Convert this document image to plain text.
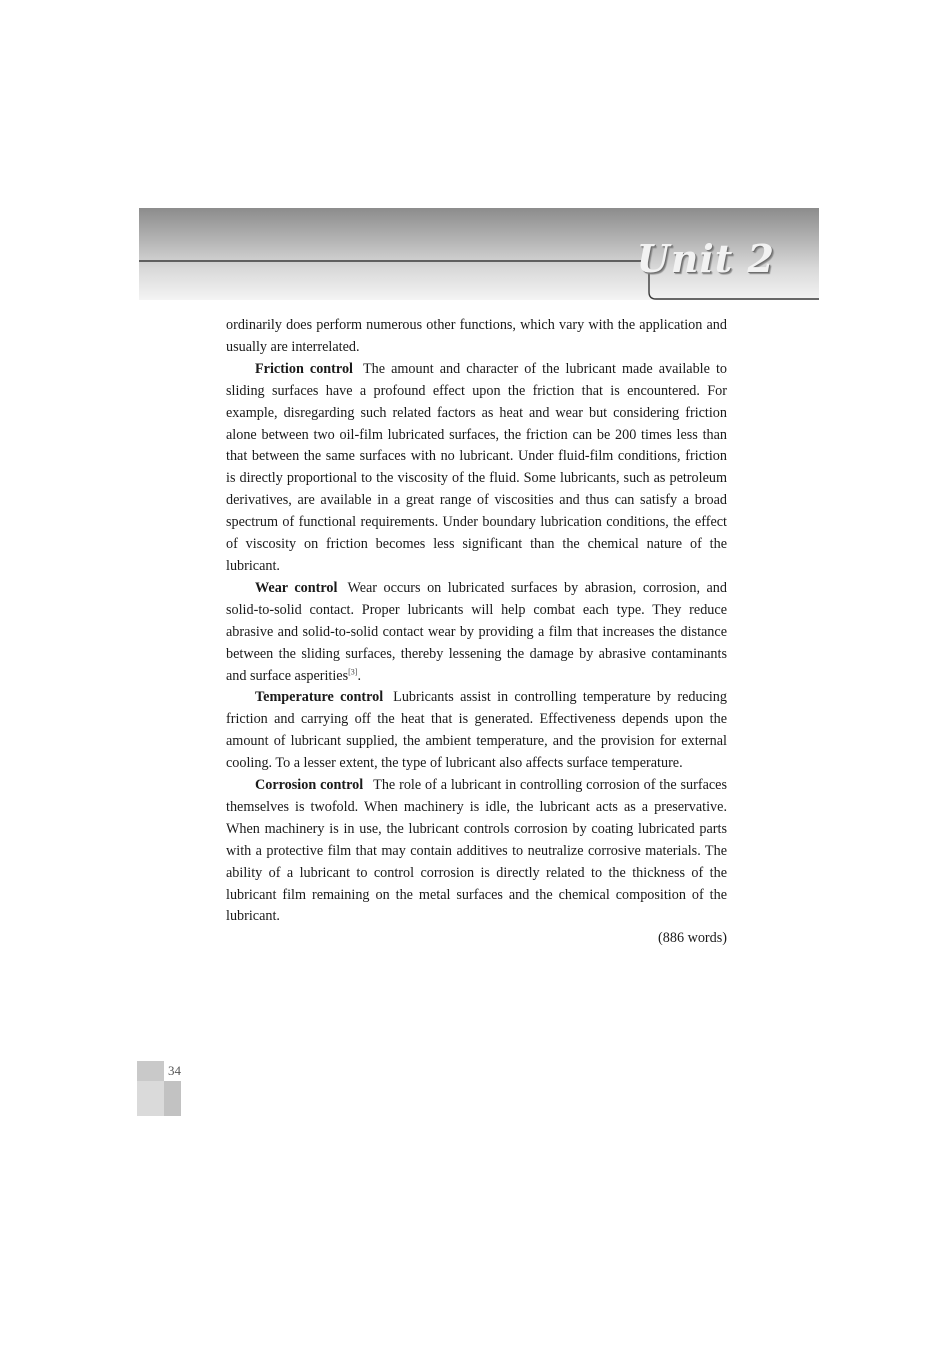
Unit 2

ordinarily does perform numerous other functions, which vary with the application and usually are interrelated.

Friction control The amount and character of the lubricant made available to sliding surfaces have a profound effect upon the friction that is encountered. For example, disregarding such related factors as heat and wear but considering friction alone between two oil-film lubricated surfaces, the friction can be 200 times less than that between the same surfaces with no lubricant. Under fluid-film conditions, friction is directly proportional to the viscosity of the fluid. Some lubricants, such as petroleum derivatives, are available in a great range of viscosities and thus can satisfy a broad spectrum of functional requirements. Under boundary lubrication conditions, the effect of viscosity on friction becomes less significant than the chemical nature of the lubricant.

Wear control Wear occurs on lubricated surfaces by abrasion, corrosion, and solid-to-solid contact. Proper lubricants will help combat each type. They reduce abrasive and solid-to-solid contact wear by providing a film that increases the distance between the sliding surfaces, thereby lessening the damage by abrasive contaminants and surface asperities[3].

Temperature control Lubricants assist in controlling temperature by reducing friction and carrying off the heat that is generated. Effectiveness depends upon the amount of lubricant supplied, the ambient temperature, and the provision for external cooling. To a lesser extent, the type of lubricant also affects surface temperature.

Corrosion control The role of a lubricant in controlling corrosion of the surfaces themselves is twofold. When machinery is idle, the lubricant acts as a preservative. When machinery is in use, the lubricant controls corrosion by coating lubricated parts with a protective film that may contain additives to neutralize corrosive materials. The ability of a lubricant to control corrosion is directly related to the thickness of the lubricant film remaining on the metal surfaces and the chemical composition of the lubricant.

(886 words)

34
